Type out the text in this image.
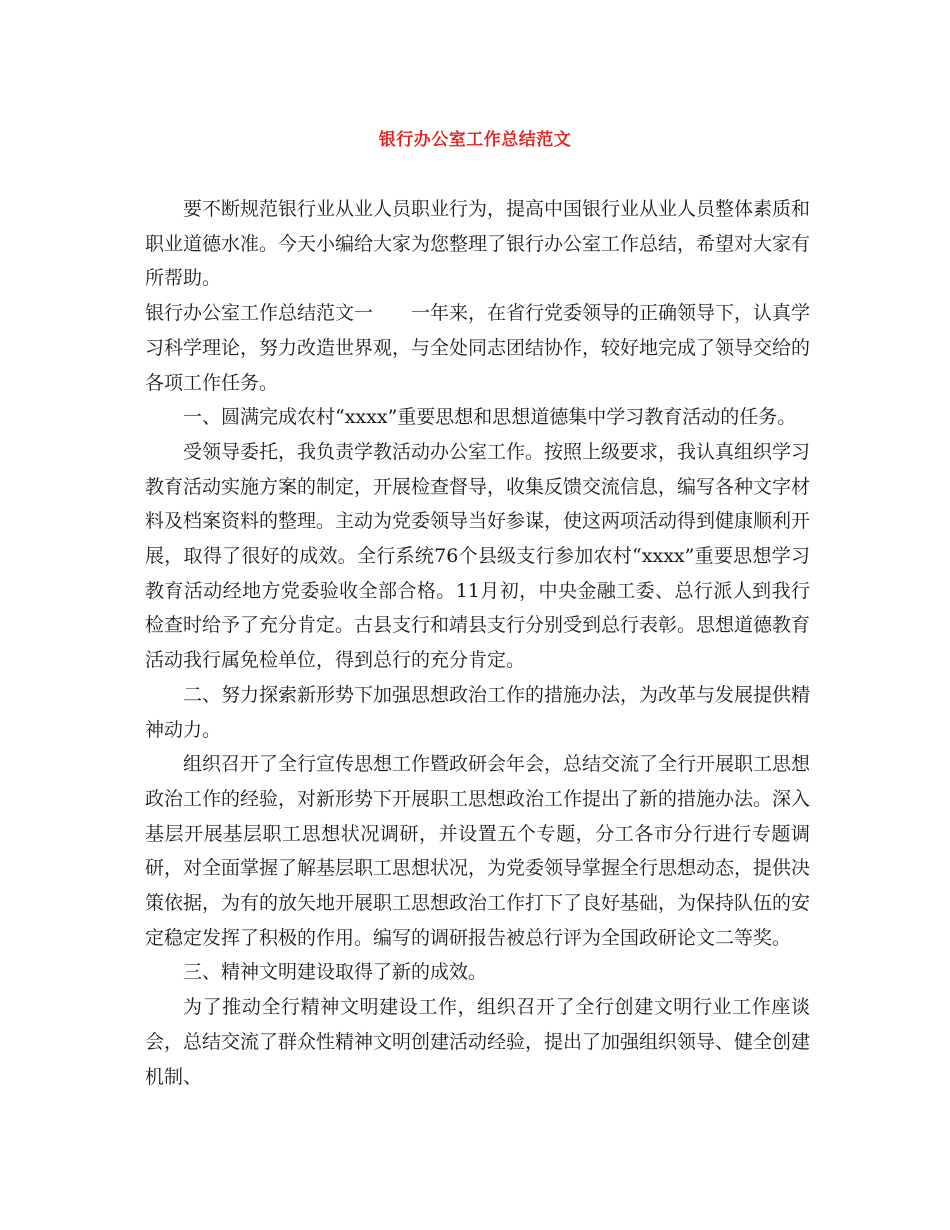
银行办公室工作总结范文

要不断规范银行业从业人员职业行为，提高中国银行业从业人员整体素质和职业道德水准。今天小编给大家为您整理了银行办公室工作总结，希望对大家有所帮助。

银行办公室工作总结范文一　　一年来，在省行党委领导的正确领导下，认真学习科学理论，努力改造世界观，与全处同志团结协作，较好地完成了领导交给的各项工作任务。

一、圆满完成农村“xxxx”重要思想和思想道德集中学习教育活动的任务。

受领导委托，我负责学教活动办公室工作。按照上级要求，我认真组织学习教育活动实施方案的制定，开展检查督导，收集反馈交流信息，编写各种文字材料及档案资料的整理。主动为党委领导当好参谋，使这两项活动得到健康顺利开展，取得了很好的成效。全行系统76个县级支行参加农村“xxxx”重要思想学习教育活动经地方党委验收全部合格。11月初，中央金融工委、总行派人到我行检查时给予了充分肯定。古县支行和靖县支行分别受到总行表彰。思想道德教育活动我行属免检单位，得到总行的充分肯定。

二、努力探索新形势下加强思想政治工作的措施办法，为改革与发展提供精神动力。

组织召开了全行宣传思想工作暨政研会年会，总结交流了全行开展职工思想政治工作的经验，对新形势下开展职工思想政治工作提出了新的措施办法。深入基层开展基层职工思想状况调研，并设置五个专题，分工各市分行进行专题调研，对全面掌握了解基层职工思想状况，为党委领导掌握全行思想动态，提供决策依据，为有的放矢地开展职工思想政治工作打下了良好基础，为保持队伍的安定稳定发挥了积极的作用。编写的调研报告被总行评为全国政研论文二等奖。

三、精神文明建设取得了新的成效。

为了推动全行精神文明建设工作，组织召开了全行创建文明行业工作座谈会，总结交流了群众性精神文明创建活动经验，提出了加强组织领导、健全创建机制、
